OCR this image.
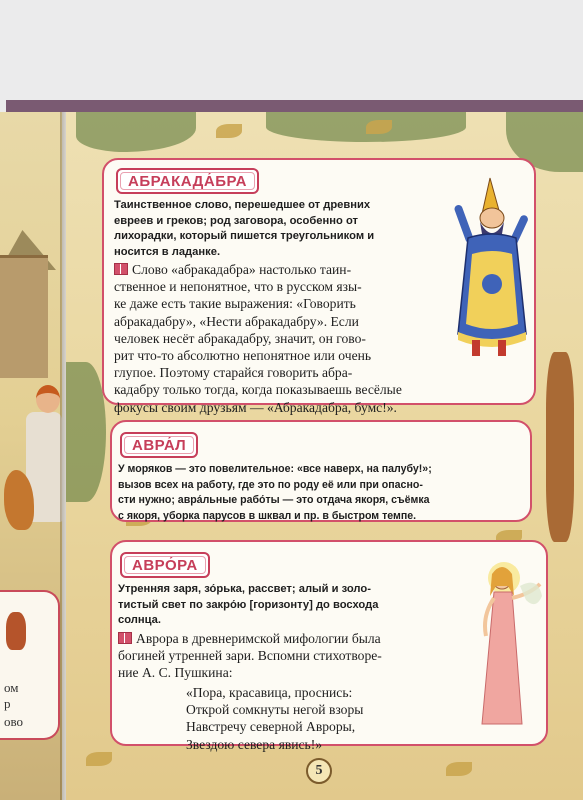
ом
р
ово
АБРАКАДА́БРА
Таинственное слово, перешедшее от древних
евреев и греков; род заговора, особенно от
лихорадки, который пишется треугольником и
носится в ладанке.
Слово «абракадабра» настолько таин-
ственное и непонятное, что в русском язы-
ке даже есть такие выражения: «Говорить
абракадабру», «Нести абракадабру». Если
человек несёт абракадабру, значит, он гово-
рит что-то абсолютно непонятное или очень
глупое. Поэтому старайся говорить абра-
кадабру только тогда, когда показываешь весёлые
фокусы своим друзьям — «Абракадабра, бумс!».
АВРА́Л
У моряков — это повелительное: «все наверх, на палубу!»;
вызов всех на работу, где это по роду её или при опасно-
сти нужно; авра́льные рабо́ты — это отдача якоря, съёмка
с якоря, уборка парусов в шквал и пр. в быстром темпе.
АВРО́РА
Утренняя заря, зо́рька, рассвет; алый и золо-
тистый свет по закро́ю [горизонту] до восхода
солнца.
Аврора в древнеримской мифологии была
богиней утренней зари. Вспомни стихотворе-
ние А. С. Пушкина:
«Пора, красавица, проснись:
Открой сомкнуты негой взоры
Навстречу северной Авроры,
Звездою севера явись!»
5
